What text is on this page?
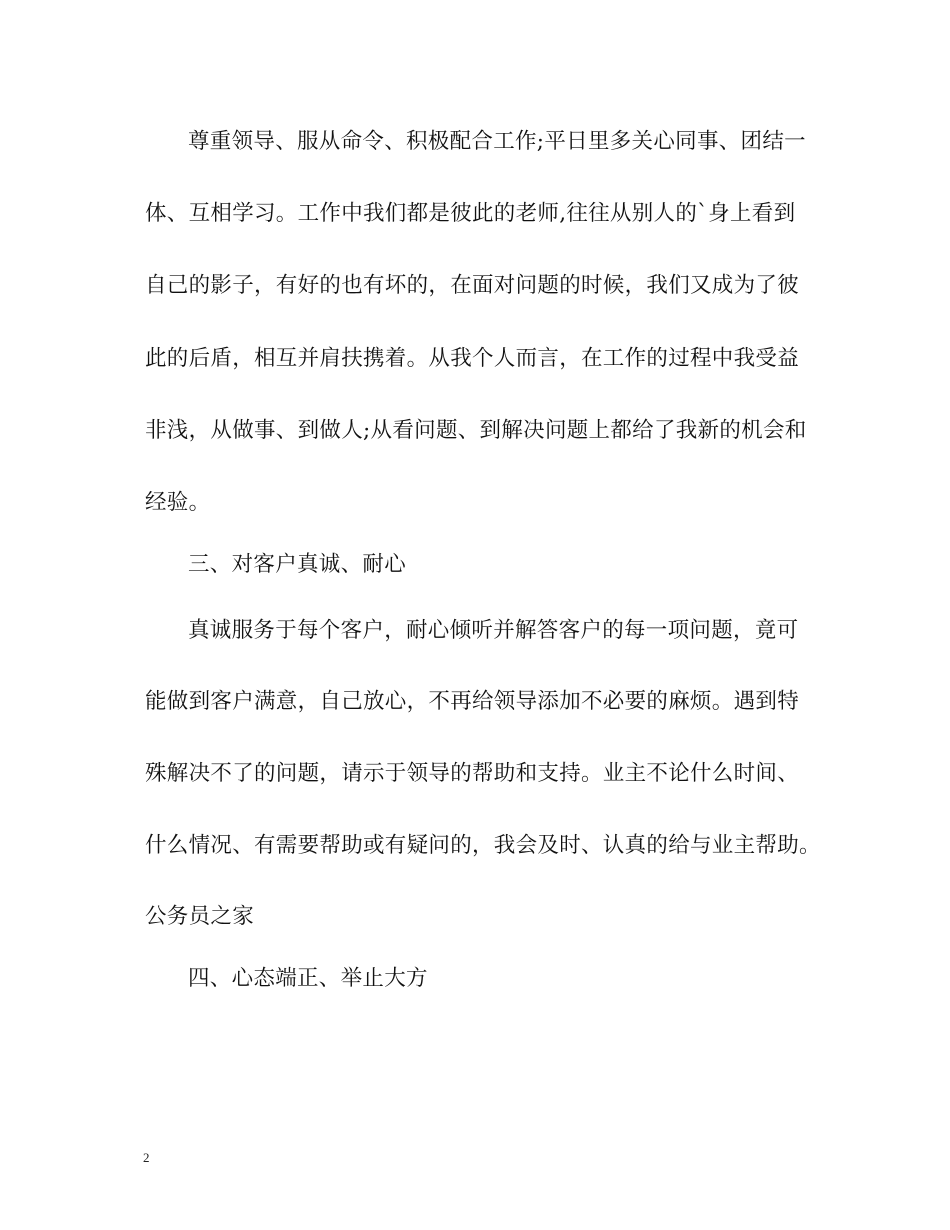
尊重领导、服从命令、积极配合工作;平日里多关心同事、团结一
体、互相学习。工作中我们都是彼此的老师,往往从别人的`身上看到
自己的影子，有好的也有坏的，在面对问题的时候，我们又成为了彼
此的后盾，相互并肩扶携着。从我个人而言，在工作的过程中我受益
非浅，从做事、到做人;从看问题、到解决问题上都给了我新的机会和
经验。
三、对客户真诚、耐心
真诚服务于每个客户，耐心倾听并解答客户的每一项问题，竟可
能做到客户满意，自己放心，不再给领导添加不必要的麻烦。遇到特
殊解决不了的问题，请示于领导的帮助和支持。业主不论什么时间、
什么情况、有需要帮助或有疑问的，我会及时、认真的给与业主帮助。
公务员之家
四、心态端正、举止大方
2
